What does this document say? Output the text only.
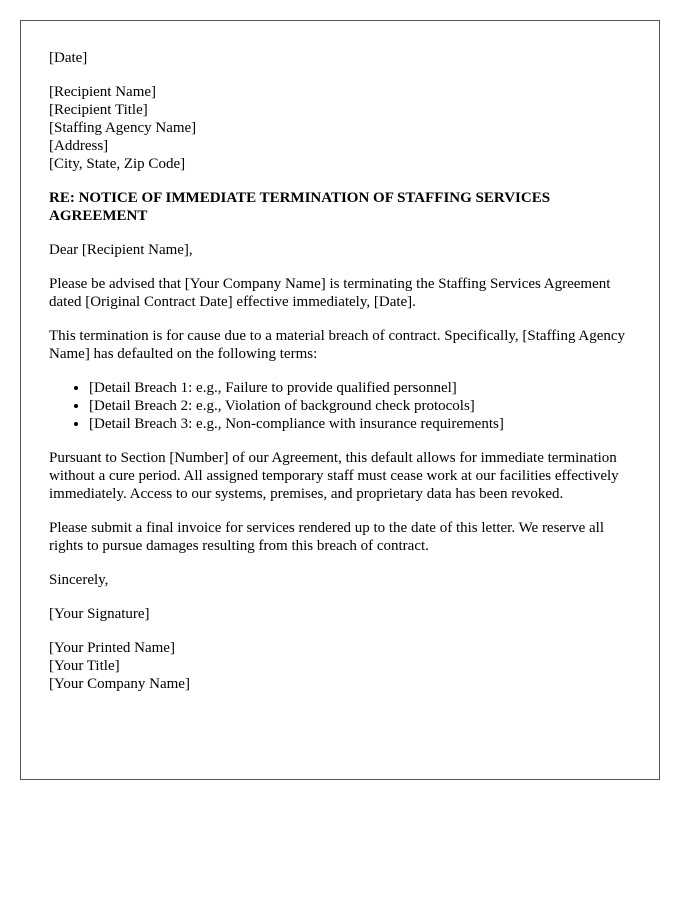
[Date]
[Recipient Name]
[Recipient Title]
[Staffing Agency Name]
[Address]
[City, State, Zip Code]
RE: NOTICE OF IMMEDIATE TERMINATION OF STAFFING SERVICES AGREEMENT

Dear [Recipient Name],

Please be advised that [Your Company Name] is terminating the Staffing Services Agreement dated [Original Contract Date] effective immediately, [Date].

This termination is for cause due to a material breach of contract. Specifically, [Staffing Agency Name] has defaulted on the following terms:

• [Detail Breach 1: e.g., Failure to provide qualified personnel]
• [Detail Breach 2: e.g., Violation of background check protocols]
• [Detail Breach 3: e.g., Non-compliance with insurance requirements]

Pursuant to Section [Number] of our Agreement, this default allows for immediate termination without a cure period. All assigned temporary staff must cease work at our facilities effectively immediately. Access to our systems, premises, and proprietary data has been revoked.

Please submit a final invoice for services rendered up to the date of this letter. We reserve all rights to pursue damages resulting from this breach of contract.

Sincerely,

[Your Signature]

[Your Printed Name]
[Your Title]
[Your Company Name]
